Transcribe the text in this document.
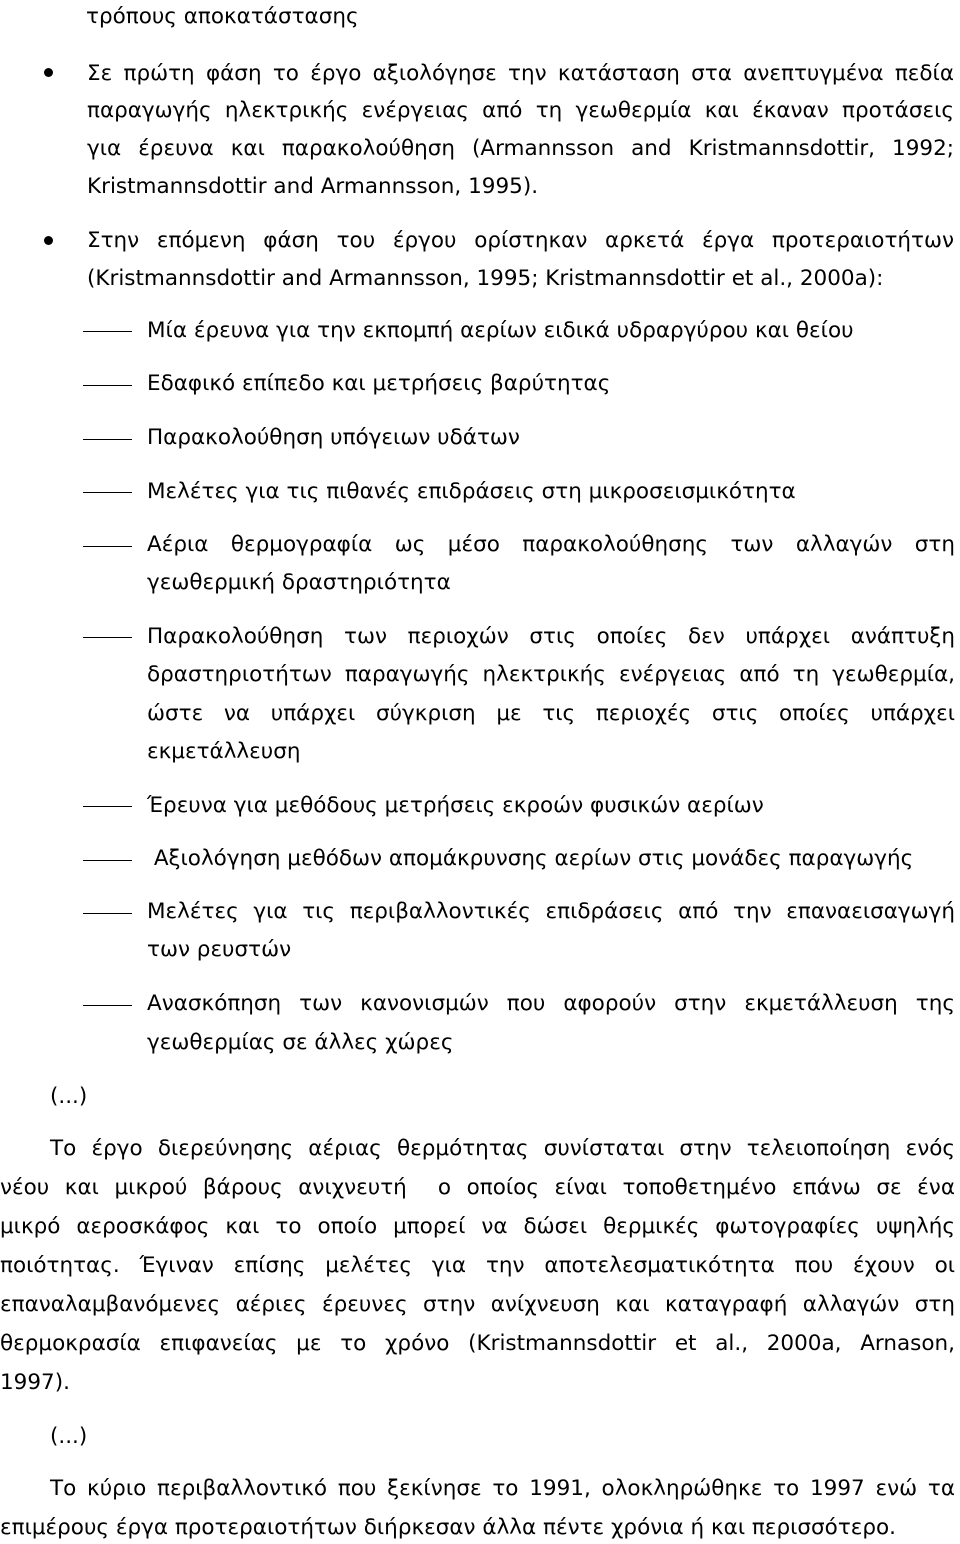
τρόπους αποκατάστασης
Σε πρώτη φάση το έργο αξιολόγησε την κατάσταση στα ανεπτυγμένα πεδία
παραγωγής ηλεκτρικής ενέργειας από τη γεωθερμία και έκαναν προτάσεις
για έρευνα και παρακολούθηση (Armannsson and Kristmannsdottir, 1992;
Kristmannsdottir and Armannsson, 1995).
Στην επόμενη φάση του έργου ορίστηκαν αρκετά έργα προτεραιοτήτων
(Kristmannsdottir and Armannsson, 1995; Kristmannsdottir et al., 2000a):
Μία έρευνα για την εκπομπή αερίων ειδικά υδραργύρου και θείου
Εδαφικό επίπεδο και μετρήσεις βαρύτητας
Παρακολούθηση υπόγειων υδάτων
Μελέτες για τις πιθανές επιδράσεις στη μικροσεισμικότητα
Αέρια θερμογραφία ως μέσο παρακολούθησης των αλλαγών στη
γεωθερμική δραστηριότητα
Παρακολούθηση των περιοχών στις οποίες δεν υπάρχει ανάπτυξη
δραστηριοτήτων παραγωγής ηλεκτρικής ενέργειας από τη γεωθερμία,
ώστε να υπάρχει σύγκριση με τις περιοχές στις οποίες υπάρχει
εκμετάλλευση
Έρευνα για μεθόδους μετρήσεις εκροών φυσικών αερίων
Αξιολόγηση μεθόδων απομάκρυνσης αερίων στις μονάδες παραγωγής
Μελέτες για τις περιβαλλοντικές επιδράσεις από την επαναεισαγωγή
των ρευστών
Ανασκόπηση των κανονισμών που αφορούν στην εκμετάλλευση της
γεωθερμίας σε άλλες χώρες
(...)
Το έργο διερεύνησης αέριας θερμότητας συνίσταται στην τελειοποίηση ενός
νέου και μικρού βάρους ανιχνευτή  ο οποίος είναι τοποθετημένο επάνω σε ένα
μικρό αεροσκάφος και το οποίο μπορεί να δώσει θερμικές φωτογραφίες υψηλής
ποιότητας. Έγιναν επίσης μελέτες για την αποτελεσματικότητα που έχουν οι
επαναλαμβανόμενες αέριες έρευνες στην ανίχνευση και καταγραφή αλλαγών στη
θερμοκρασία επιφανείας με το χρόνο (Kristmannsdottir et al., 2000a, Arnason,
1997).
(...)
Το κύριο περιβαλλοντικό που ξεκίνησε το 1991, ολοκληρώθηκε το 1997 ενώ τα
επιμέρους έργα προτεραιοτήτων διήρκεσαν άλλα πέντε χρόνια ή και περισσότερο.
